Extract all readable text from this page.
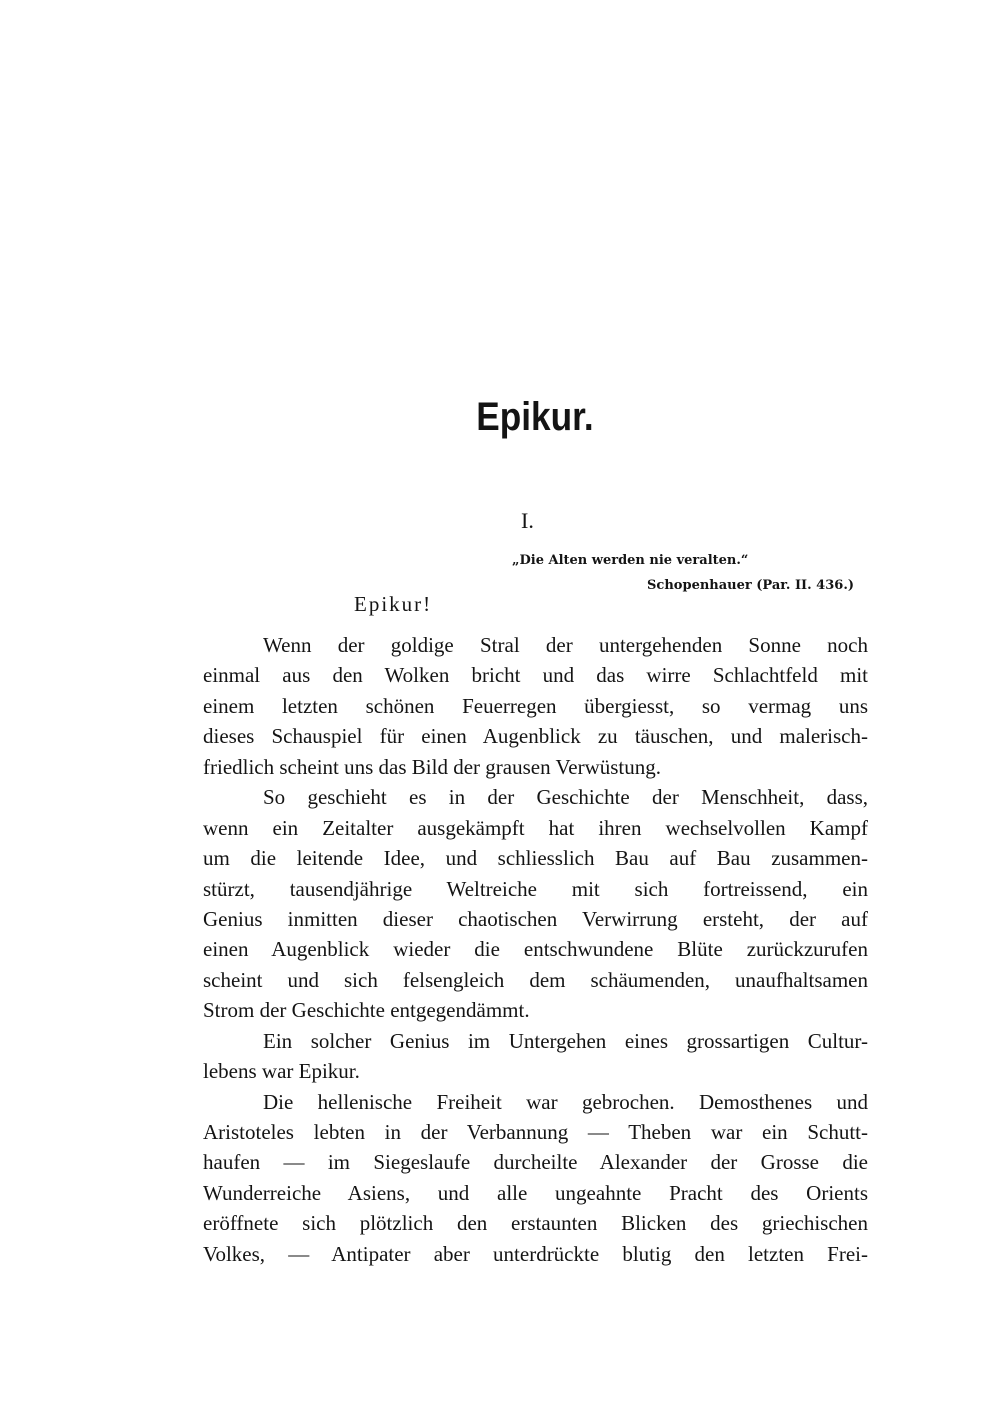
Epikur.
I.
„Die Alten werden nie veralten.“
Schopenhauer (Par. II. 436.)
Epikur!
Wenn der goldige Stral der untergehenden Sonne noch
einmal aus den Wolken bricht und das wirre Schlachtfeld mit
einem letzten schönen Feuerregen übergiesst, so vermag uns
dieses Schauspiel für einen Augenblick zu täuschen, und malerisch-
friedlich scheint uns das Bild der grausen Verwüstung.
So geschieht es in der Geschichte der Menschheit, dass,
wenn ein Zeitalter ausgekämpft hat ihren wechselvollen Kampf
um die leitende Idee, und schliesslich Bau auf Bau zusammen-
stürzt, tausendjährige Weltreiche mit sich fortreissend, ein
Genius inmitten dieser chaotischen Verwirrung ersteht, der auf
einen Augenblick wieder die entschwundene Blüte zurückzurufen
scheint und sich felsengleich dem schäumenden, unaufhaltsamen
Strom der Geschichte entgegendämmt.
Ein solcher Genius im Untergehen eines grossartigen Cultur-
lebens war Epikur.
Die hellenische Freiheit war gebrochen. Demosthenes und
Aristoteles lebten in der Verbannung — Theben war ein Schutt-
haufen — im Siegeslaufe durcheilte Alexander der Grosse die
Wunderreiche Asiens, und alle ungeahnte Pracht des Orients
eröffnete sich plötzlich den erstaunten Blicken des griechischen
Volkes, — Antipater aber unterdrückte blutig den letzten Frei-
